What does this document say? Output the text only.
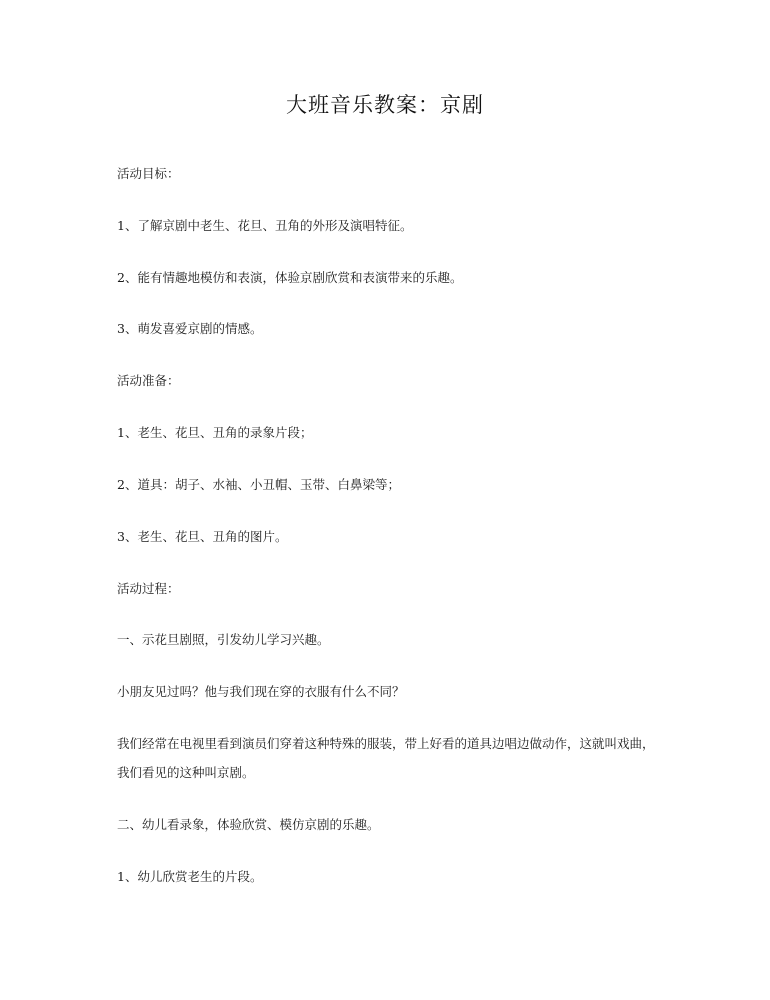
大班音乐教案：京剧
活动目标：
1、了解京剧中老生、花旦、丑角的外形及演唱特征。
2、能有情趣地模仿和表演，体验京剧欣赏和表演带来的乐趣。
3、萌发喜爱京剧的情感。
活动准备：
1、老生、花旦、丑角的录象片段；
2、道具：胡子、水袖、小丑帽、玉带、白鼻梁等；
3、老生、花旦、丑角的图片。
活动过程：
一、示花旦剧照，引发幼儿学习兴趣。
小朋友见过吗？他与我们现在穿的衣服有什么不同？
我们经常在电视里看到演员们穿着这种特殊的服装，带上好看的道具边唱边做动作，这就叫戏曲，我们看见的这种叫京剧。
二、幼儿看录象，体验欣赏、模仿京剧的乐趣。
1、幼儿欣赏老生的片段。
